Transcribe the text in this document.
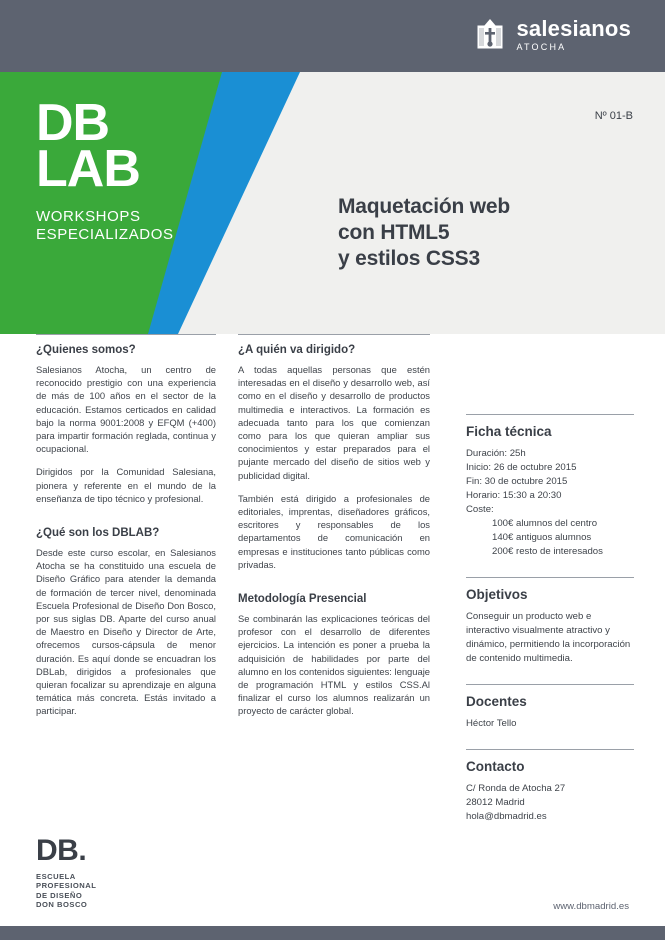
salesianos
ATOCHA
DB
LAB
WORKSHOPS
ESPECIALIZADOS
Nº 01-B
Maquetación web
con HTML5
y estilos CSS3
¿Quienes somos?

Salesianos Atocha, un centro de reconocido prestigio con una experiencia de más de 100 años en el sector de la educación. Estamos certicados en calidad bajo la norma 9001:2008 y EFQM (+400) para impartir formación reglada, continua y ocupacional.

Dirigidos por la Comunidad Salesiana, pionera y referente en el mundo de la enseñanza de tipo técnico y profesional.

¿Qué son los DBLAB?

Desde este curso escolar, en Salesianos Atocha se ha constituido una escuela de Diseño Gráfico para atender la demanda de formación de tercer nivel, denominada Escuela Profesional de Diseño Don Bosco, por sus siglas DB. Aparte del curso anual de Maestro en Diseño y Director de Arte, ofrecemos cursos-cápsula de menor duración. Es aquí donde se encuadran los DBLab, dirigidos a profesionales que quieran focalizar su aprendizaje en alguna temática más concreta. Estás invitado a participar.

¿A quién va dirigido?

A todas aquellas personas que estén interesadas en el diseño y desarrollo web, así como en el diseño y desarrollo de productos multimedia e interactivos. La formación es adecuada tanto para los que comienzan como para los que quieran ampliar sus conocimientos y estar preparados para el pujante mercado del diseño de sitios web y publicidad digital.

También está dirigido a profesionales de editoriales, imprentas, diseñadores gráficos, escritores y responsables de los departamentos de comunicación en empresas e instituciones tanto públicas como privadas.

Metodología Presencial

Se combinarán las explicaciones teóricas del profesor con el desarrollo de diferentes ejercicios. La intención es poner a prueba la adquisición de habilidades por parte del alumno en los contenidos siguientes: lenguaje de programación HTML y estilos CSS.Al finalizar el curso los alumnos realizarán un proyecto de carácter global.

Ficha técnica

Duración: 25h

Inicio: 26 de octubre 2015

Fin: 30 de octubre 2015

Horario: 15:30 a 20:30

Coste:

100€ alumnos del centro

140€ antiguos alumnos

200€ resto de interesados

Objetivos

Conseguir un producto web e interactivo visualmente atractivo y dinámico, permitiendo la incorporación de contenido multimedia.

Docentes

Héctor Tello

Contacto

C/ Ronda de Atocha 27

28012 Madrid

hola@dbmadrid.es

DB.
ESCUELA
PROFESIONAL
DE DISEÑO
DON BOSCO	www.dbmadrid.es
